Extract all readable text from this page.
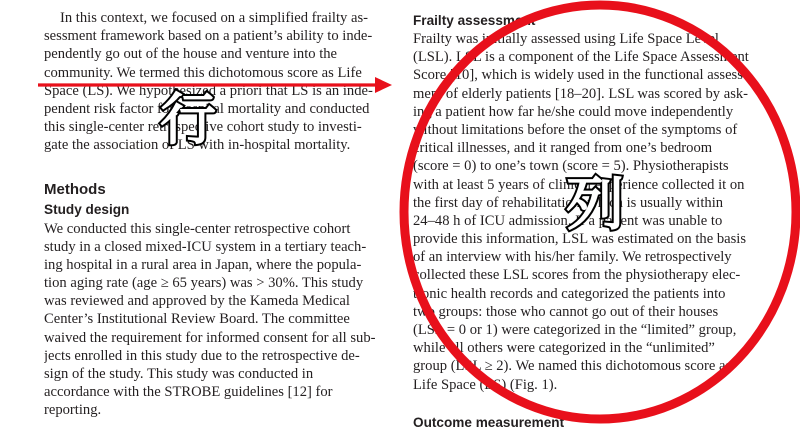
In this context, we focused on a simplified frailty as-
sessment framework based on a patient’s ability to inde-
pendently go out of the house and venture into the
community. We termed this dichotomous score as Life
Space (LS). We hypothesized a priori that LS is an inde-
pendent risk factor for hospital mortality and conducted
this single-center retrospective cohort study to investi-
gate the association of LS with in-hospital mortality.
Methods
Study design
We conducted this single-center retrospective cohort
study in a closed mixed-ICU system in a tertiary teach-
ing hospital in a rural area in Japan, where the popula-
tion aging rate (age ≥ 65 years) was > 30%. This study
was reviewed and approved by the Kameda Medical
Center’s Institutional Review Board. The committee
waived the requirement for informed consent for all sub-
jects enrolled in this study due to the retrospective de-
sign of the study. This study was conducted in
accordance with the STROBE guidelines [12] for
reporting.
Frailty assessment
Frailty was initially assessed using Life Space Level
(LSL). LSL is a component of the Life Space Assessment
Score [10], which is widely used in the functional assess-
ment of elderly patients [18–20]. LSL was scored by ask-
ing a patient how far he/she could move independently
without limitations before the onset of the symptoms of
critical illnesses, and it ranged from one’s bedroom
(score = 0) to one’s town (score = 5). Physiotherapists
with at least 5 years of clinical experience collected it on
the first day of rehabilitation, which is usually within
24–48 h of ICU admission. If a patient was unable to
provide this information, LSL was estimated on the basis
of an interview with his/her family. We retrospectively
collected these LSL scores from the physiotherapy elec-
tronic health records and categorized the patients into
two groups: those who cannot go out of their houses
(LSL = 0 or 1) were categorized in the “limited” group,
while all others were categorized in the “unlimited”
group (LSL ≥ 2). We named this dichotomous score as
Life Space (LS) (Fig. 1).
Outcome measurement
行
列
